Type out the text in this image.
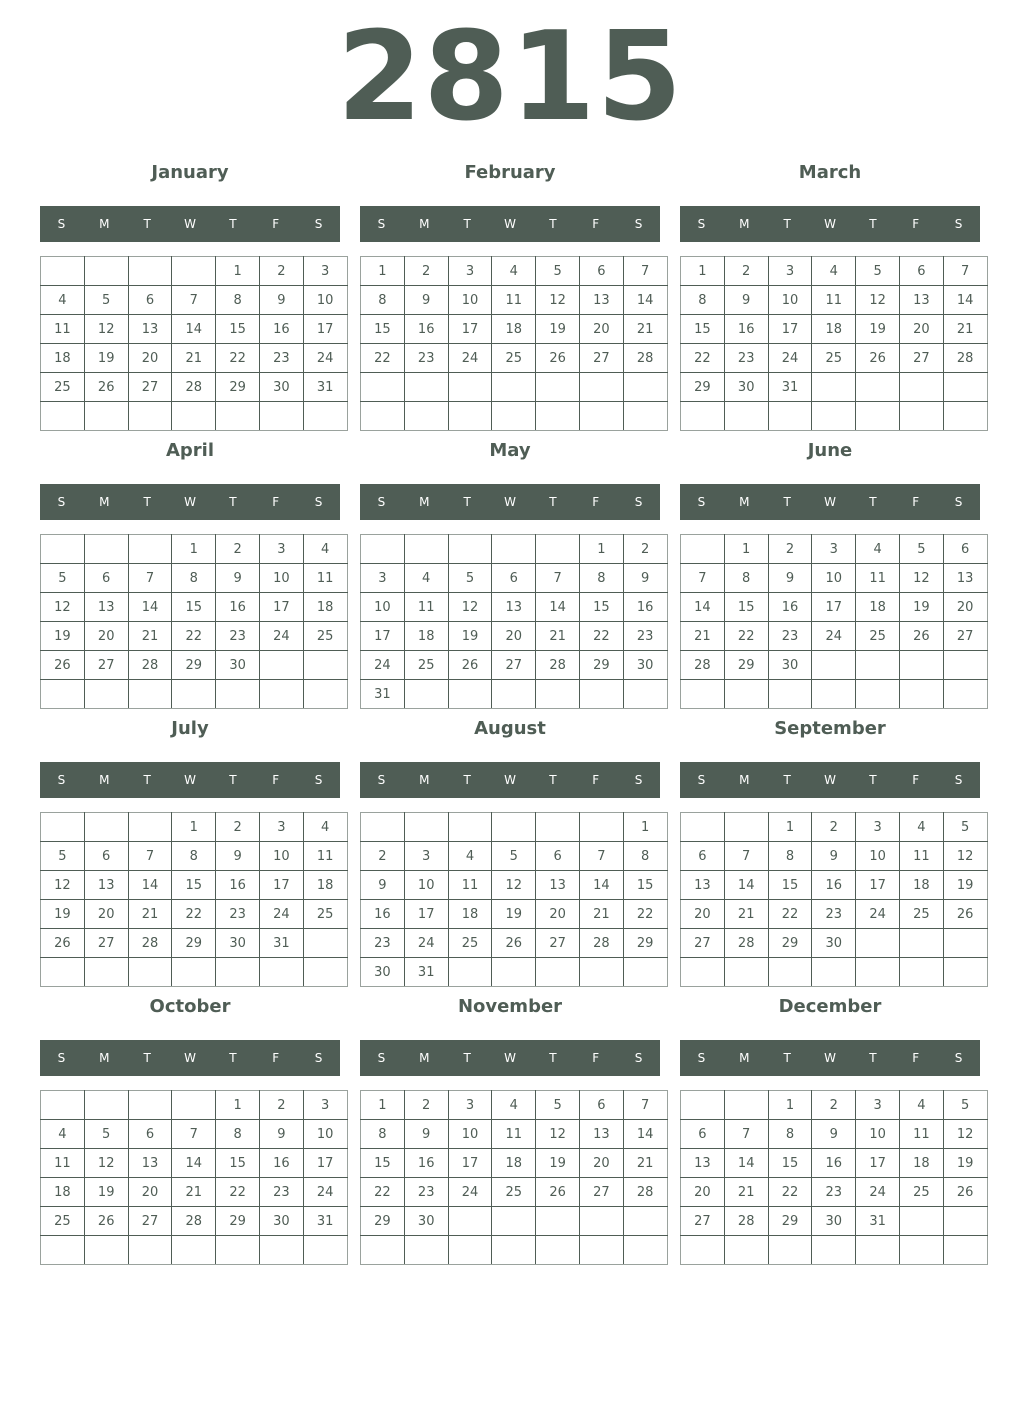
2815
January
S	M	T	W	T	F	S
				1	2	3
4	5	6	7	8	9	10
11	12	13	14	15	16	17
18	19	20	21	22	23	24
25	26	27	28	29	30	31

February
S	M	T	W	T	F	S
1	2	3	4	5	6	7
8	9	10	11	12	13	14
15	16	17	18	19	20	21
22	23	24	25	26	27	28

March
S	M	T	W	T	F	S
1	2	3	4	5	6	7
8	9	10	11	12	13	14
15	16	17	18	19	20	21
22	23	24	25	26	27	28
29	30	31				

April
S	M	T	W	T	F	S
			1	2	3	4
5	6	7	8	9	10	11
12	13	14	15	16	17	18
19	20	21	22	23	24	25
26	27	28	29	30		

May
S	M	T	W	T	F	S
					1	2
3	4	5	6	7	8	9
10	11	12	13	14	15	16
17	18	19	20	21	22	23
24	25	26	27	28	29	30
31						
June
S	M	T	W	T	F	S
	1	2	3	4	5	6
7	8	9	10	11	12	13
14	15	16	17	18	19	20
21	22	23	24	25	26	27
28	29	30				

July
S	M	T	W	T	F	S
			1	2	3	4
5	6	7	8	9	10	11
12	13	14	15	16	17	18
19	20	21	22	23	24	25
26	27	28	29	30	31	

August
S	M	T	W	T	F	S
						1
2	3	4	5	6	7	8
9	10	11	12	13	14	15
16	17	18	19	20	21	22
23	24	25	26	27	28	29
30	31					
September
S	M	T	W	T	F	S
		1	2	3	4	5
6	7	8	9	10	11	12
13	14	15	16	17	18	19
20	21	22	23	24	25	26
27	28	29	30			

October
S	M	T	W	T	F	S
				1	2	3
4	5	6	7	8	9	10
11	12	13	14	15	16	17
18	19	20	21	22	23	24
25	26	27	28	29	30	31

November
S	M	T	W	T	F	S
1	2	3	4	5	6	7
8	9	10	11	12	13	14
15	16	17	18	19	20	21
22	23	24	25	26	27	28
29	30					

December
S	M	T	W	T	F	S
		1	2	3	4	5
6	7	8	9	10	11	12
13	14	15	16	17	18	19
20	21	22	23	24	25	26
27	28	29	30	31		
